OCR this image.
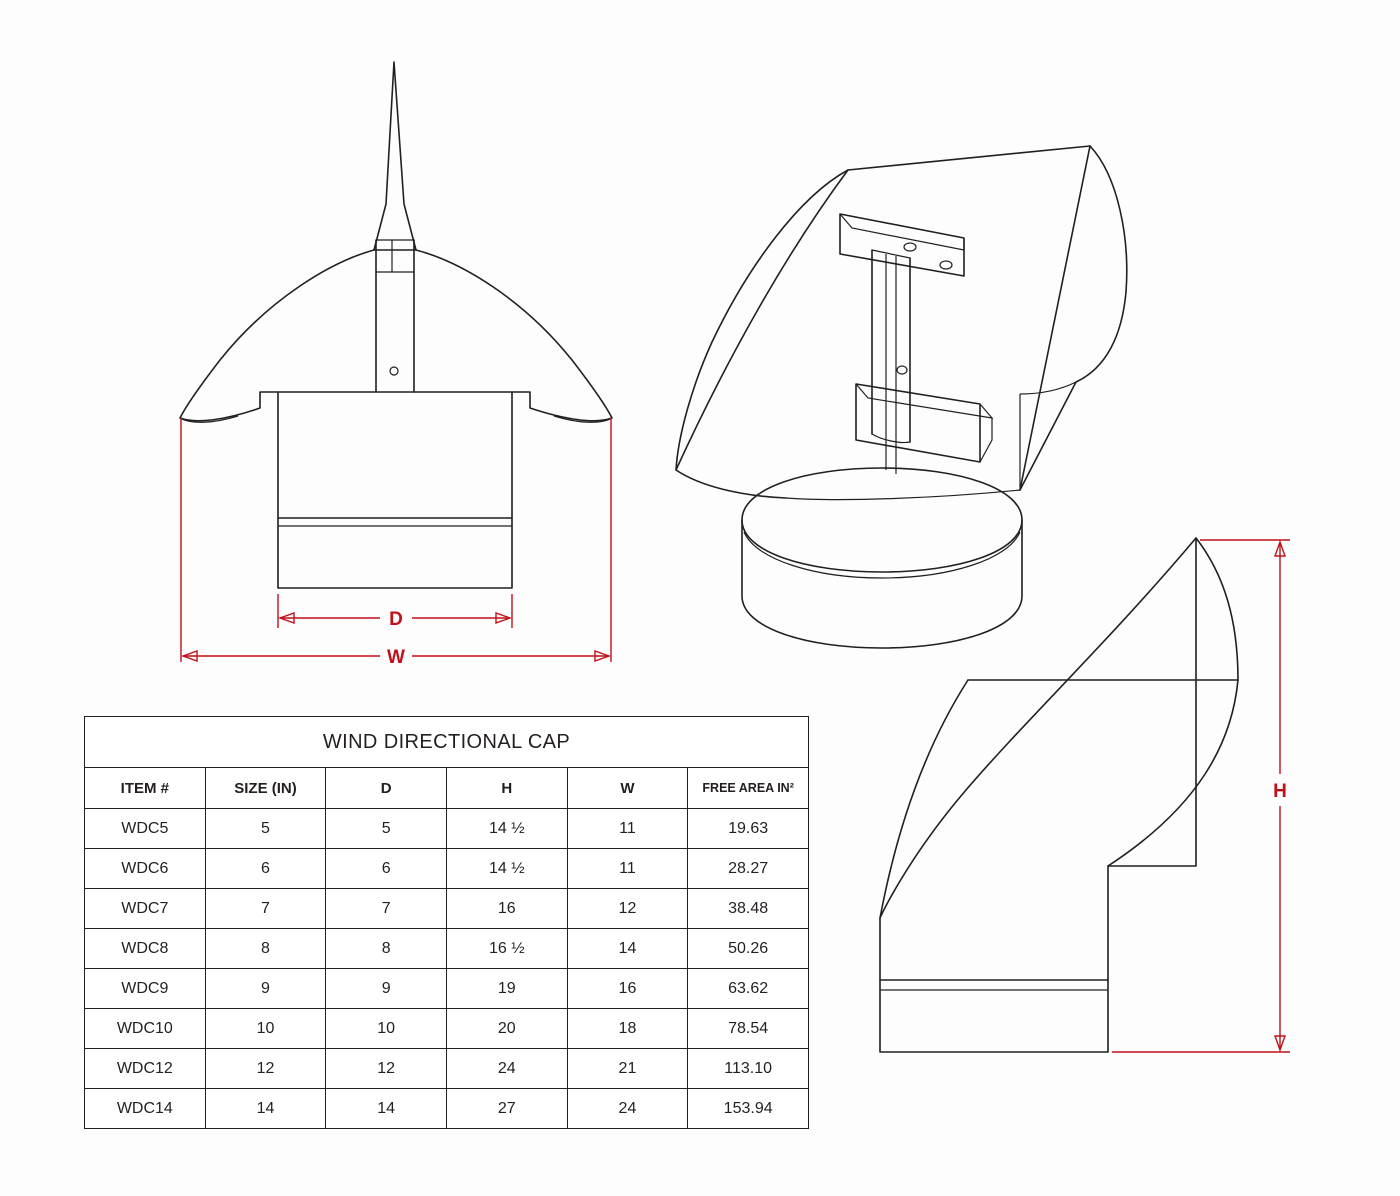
D
W
H
WIND DIRECTIONAL CAP					
ITEM #	SIZE (IN)	D	H	W	FREE AREA IN²
WDC5	5	5	14 ½	11	19.63
WDC6	6	6	14 ½	11	28.27
WDC7	7	7	16	12	38.48
WDC8	8	8	16 ½	14	50.26
WDC9	9	9	19	16	63.62
WDC10	10	10	20	18	78.54
WDC12	12	12	24	21	113.10
WDC14	14	14	27	24	153.94
